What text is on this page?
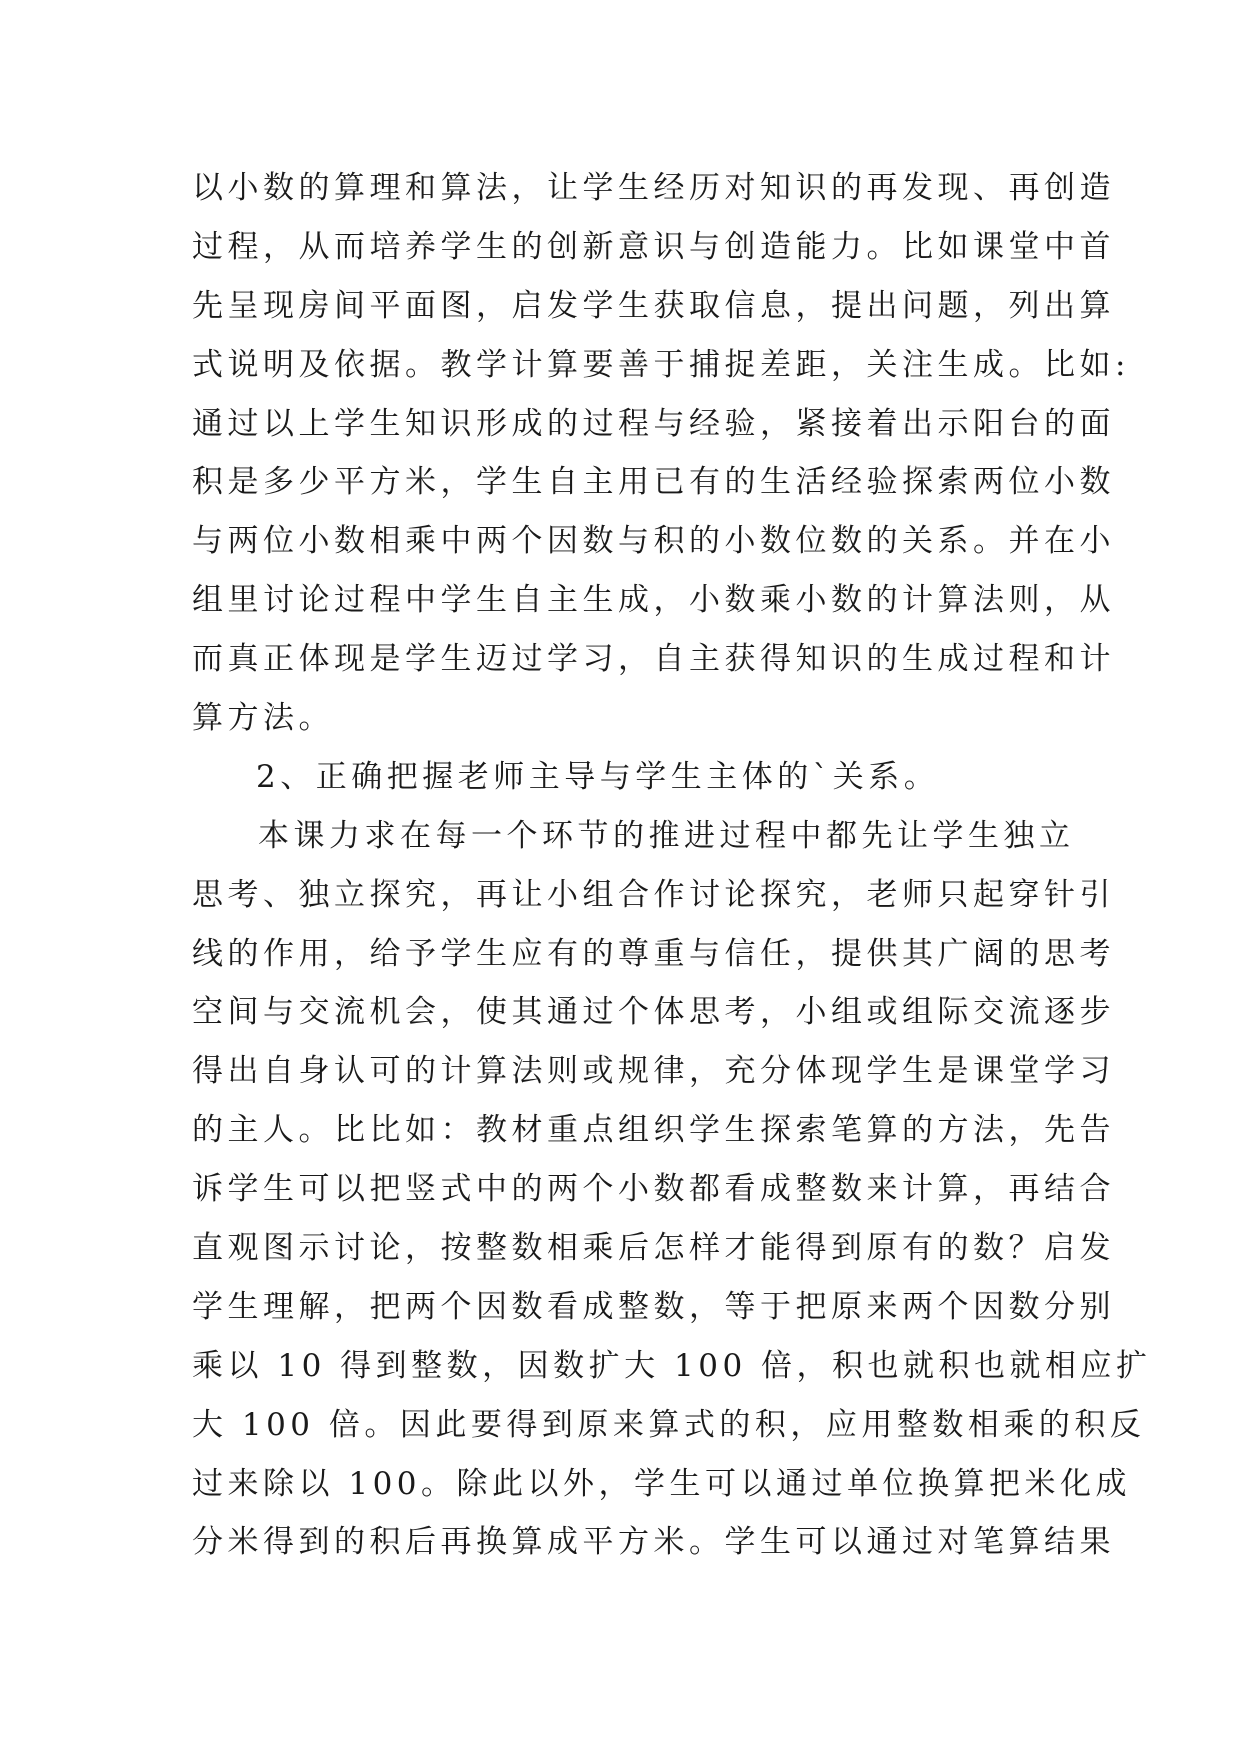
以小数的算理和算法，让学生经历对知识的再发现、再创造
过程，从而培养学生的创新意识与创造能力。比如课堂中首
先呈现房间平面图，启发学生获取信息，提出问题，列出算
式说明及依据。教学计算要善于捕捉差距，关注生成。比如:
通过以上学生知识形成的过程与经验，紧接着出示阳台的面
积是多少平方米，学生自主用已有的生活经验探索两位小数
与两位小数相乘中两个因数与积的小数位数的关系。并在小
组里讨论过程中学生自主生成，小数乘小数的计算法则，从
而真正体现是学生迈过学习，自主获得知识的生成过程和计
算方法。
2、正确把握老师主导与学生主体的`关系。
本课力求在每一个环节的推进过程中都先让学生独立
思考、独立探究，再让小组合作讨论探究，老师只起穿针引
线的作用，给予学生应有的尊重与信任，提供其广阔的思考
空间与交流机会，使其通过个体思考，小组或组际交流逐步
得出自身认可的计算法则或规律，充分体现学生是课堂学习
的主人。比比如：教材重点组织学生探索笔算的方法，先告
诉学生可以把竖式中的两个小数都看成整数来计算，再结合
直观图示讨论，按整数相乘后怎样才能得到原有的数？启发
学生理解，把两个因数看成整数，等于把原来两个因数分别
乘以 10 得到整数，因数扩大 100 倍，积也就积也就相应扩
大 100 倍。因此要得到原来算式的积，应用整数相乘的积反
过来除以 100。除此以外，学生可以通过单位换算把米化成
分米得到的积后再换算成平方米。学生可以通过对笔算结果
